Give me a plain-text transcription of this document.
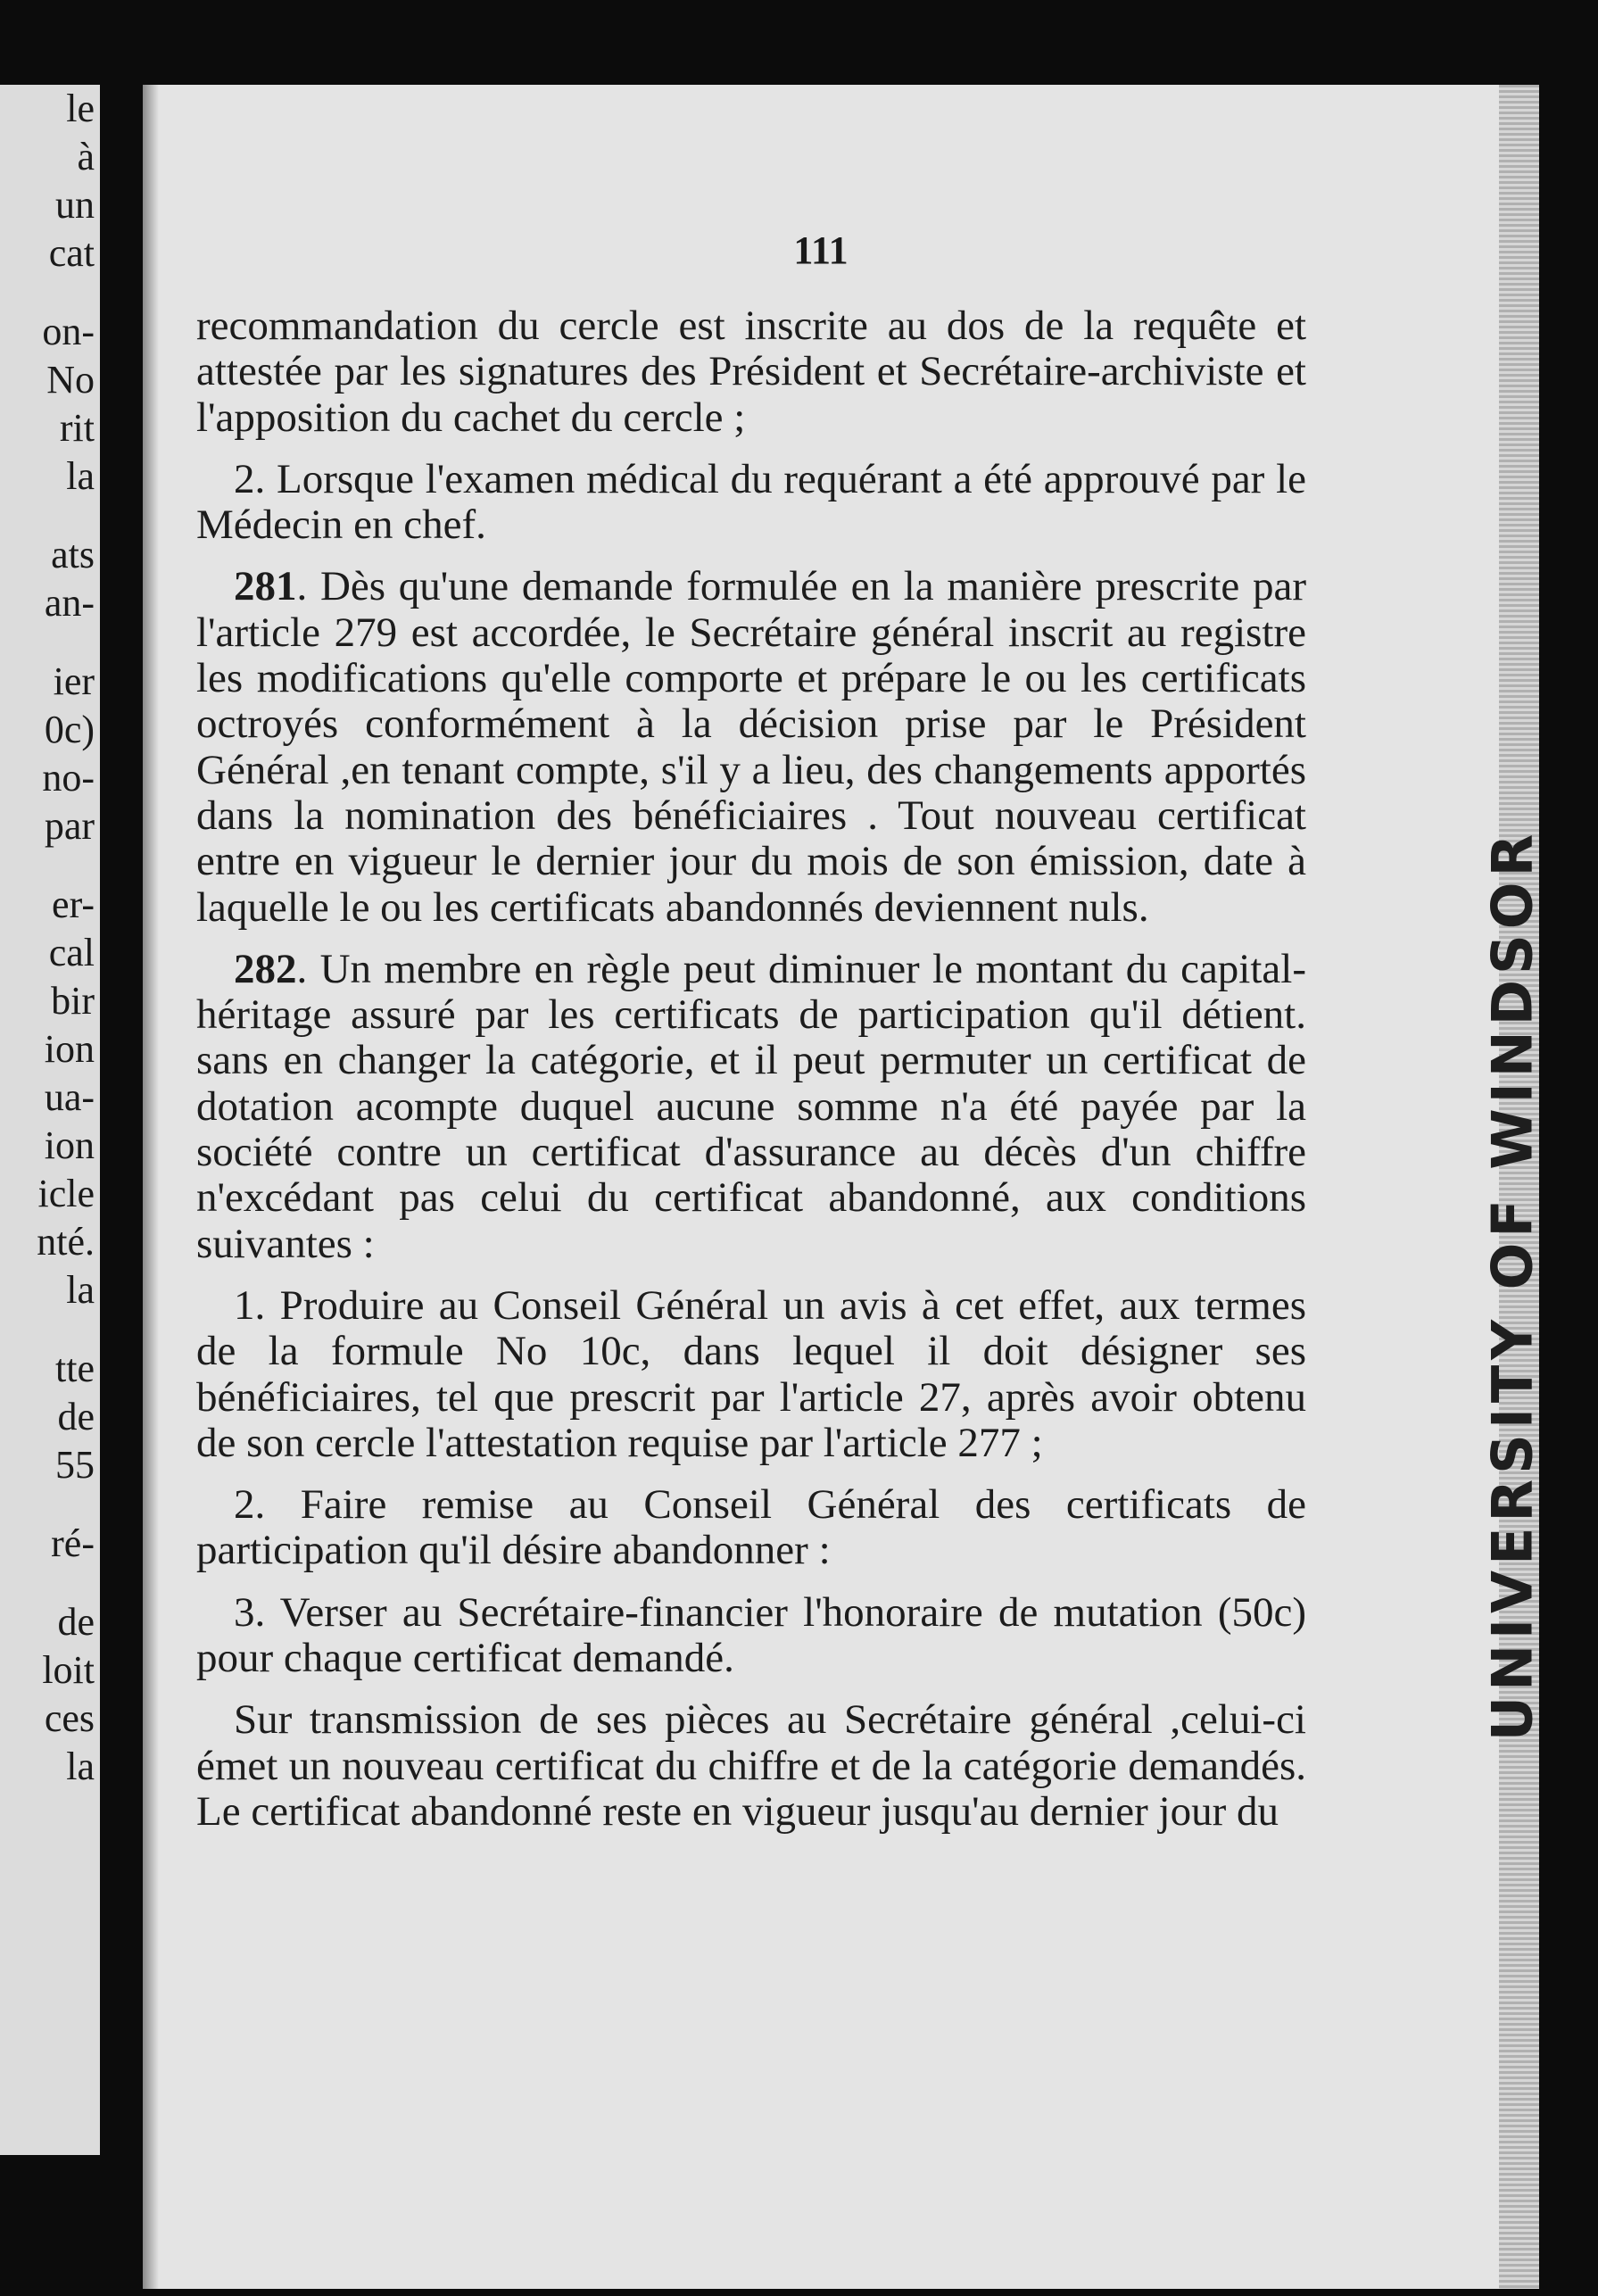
le
à
un
cat
on-
No
rit
la
ats
an-
ier
0c)
no-
par
er-
cal
bir
ion
ua-
ion
icle
nté.
la
tte
de
55
ré-
de
loit
ces
la
111

recommandation du cercle est inscrite au dos de la requête et attestée par les signatures des Président et Secrétaire-archiviste et l'apposition du cachet du cercle ;

2. Lorsque l'examen médical du requérant a été approuvé par le Médecin en chef.

281. Dès qu'une demande formulée en la manière prescrite par l'article 279 est accordée, le Secrétaire général inscrit au registre les modifications qu'elle comporte et prépare le ou les certificats octroyés conformément à la décision prise par le Président Général ,en tenant compte, s'il y a lieu, des changements apportés dans la nomination des bénéficiaires . Tout nouveau certificat entre en vigueur le dernier jour du mois de son émission, date à laquelle le ou les certificats abandonnés deviennent nuls.

282. Un membre en règle peut diminuer le montant du capital-héritage assuré par les certificats de participation qu'il détient. sans en changer la catégorie, et il peut permuter un certificat de dotation acompte duquel aucune somme n'a été payée par la société contre un certificat d'assurance au décès d'un chiffre n'excédant pas celui du certificat abandonné, aux conditions suivantes :

1. Produire au Conseil Général un avis à cet effet, aux termes de la formule No 10c, dans lequel il doit désigner ses bénéficiaires, tel que prescrit par l'article 27, après avoir obtenu de son cercle l'attestation requise par l'article 277 ;

2. Faire remise au Conseil Général des certificats de participation qu'il désire abandonner :

3. Verser au Secrétaire-financier l'honoraire de mutation (50c) pour chaque certificat demandé.

Sur transmission de ses pièces au Secrétaire général ,celui-ci émet un nouveau certificat du chiffre et de la catégorie demandés. Le certificat abandonné reste en vigueur jusqu'au dernier jour du

UNIVERSITY OF WINDSOR
